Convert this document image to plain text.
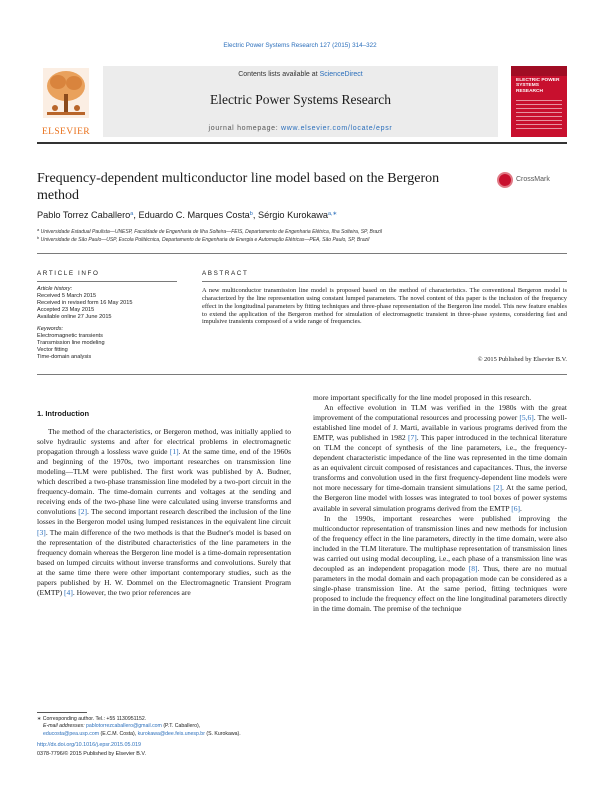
Electric Power Systems Research 127 (2015) 314–322
ELSEVIER
Contents lists available at ScienceDirect
Electric Power Systems Research
journal homepage: www.elsevier.com/locate/epsr
ELECTRIC POWER SYSTEMS RESEARCH
Frequency-dependent multiconductor line model based on the Bergeron method
CrossMark
Pablo Torrez Caballero$^a$, Eduardo C. Marques Costa$^b$, Sérgio Kurokawa$^{a,∗}$
$^a$ Universidade Estadual Paulista—UNESP, Faculdade de Engenharia de Ilha Solteira—FEIS, Departamento de Engenharia Elétrica, Ilha Solteira, SP, Brazil
$^b$ Universidade de São Paulo—USP, Escola Politécnica, Departamento de Engenharia de Energia e Automação Elétricas—PEA, São Paulo, SP, Brazil
ARTICLE INFO	ABSTRACT
Article history:
Received 5 March 2015
Received in revised form 16 May 2015
Accepted 23 May 2015
Available online 27 June 2015
Keywords:
Electromagnetic transients
Transmission line modeling
Vector fitting
Time-domain analysis
A new multiconductor transmission line model is proposed based on the method of characteristics. The conventional Bergeron model is characterized by the line representation using constant lumped parameters. The novel content of this paper is the inclusion of the frequency effect in the longitudinal parameters by fitting techniques and three-phase representation of the Bergeron line model. This new feature enables to extend the application of the Bergeron method for simulation of electromagnetic transient in three-phase systems, considering fast and impulsive transients composed of a wide range of frequencies.
© 2015 Published by Elsevier B.V.
1. Introduction
The method of the characteristics, or Bergeron method, was initially applied to solve hydraulic systems and after for electrical problems in electromagnetic propagation through a lossless wave guide [1]. At the same time, end of the 1960s and beginning of the 1970s, two important researches on transmission line modeling—TLM were published. The first work was published by A. Budner, which described a two-phase transmission line modeled by a two-port circuit in the frequency-domain. The time-domain currents and voltages at the sending and receiving ends of the two-phase line were calculated using inverse transforms and convolutions [2]. The second important research described the inclusion of the line losses in the Bergeron model using lumped resistances in the equivalent line circuit [3]. The main difference of the two methods is that the Budner's model is based on the representation of the distributed characteristics of the line parameters in the frequency domain whereas the Bergeron line model is a time-domain representation based on lumped circuits without inverse transforms and convolutions. Surely that at the same time there were other important contemporary studies, such as the papers published by H. W. Dommel on the Electromagnetic Transient Program (EMTP) [4]. However, the two prior references are
more important specifically for the line model proposed in this research.
An effective evolution in TLM was verified in the 1980s with the great improvement of the computational resources and processing power [5,6]. The well-established line model of J. Marti, available in various programs derived from the EMTP, was published in 1982 [7]. This paper introduced in the technical literature on TLM the concept of synthesis of the line parameters, i.e., the frequency-dependent characteristic impedance of the line was represented in the time domain as an equivalent circuit composed of resistances and capacitances. Thus, the inverse transforms and convolution used in the first frequency-dependent line models were not more necessary for time-domain transient simulations [2]. At the same period, the Bergeron line model with losses was integrated to tool boxes of power systems available in several simulation programs derived from the EMTP [6].
In the 1990s, important researches were published improving the multiconductor representation of transmission lines and new methods for inclusion of the frequency effect in the line parameters, directly in the time domain, were also included in the TLM literature. The multiphase representation of transmission lines was carried out using modal decoupling, i.e., each phase of a transmission line was decoupled as an independent propagation mode [8]. Thus, there are no mutual parameters in the modal domain and each propagation mode can be considered as a single-phase transmission line. At the same period, fitting techniques were proposed to include the frequency effect on the line longitudinal parameters directly in the time domain. The premise of the technique
∗ Corresponding author. Tel.: +55 1130951152.
E-mail addresses: pablotorrezcaballero@gmail.com (P.T. Caballero),
educosta@pea.usp.com (E.C.M. Costa), kurokawa@dee.feis.unesp.br (S. Kurokawa).
http://dx.doi.org/10.1016/j.epsr.2015.05.019
0378-7796/© 2015 Published by Elsevier B.V.
